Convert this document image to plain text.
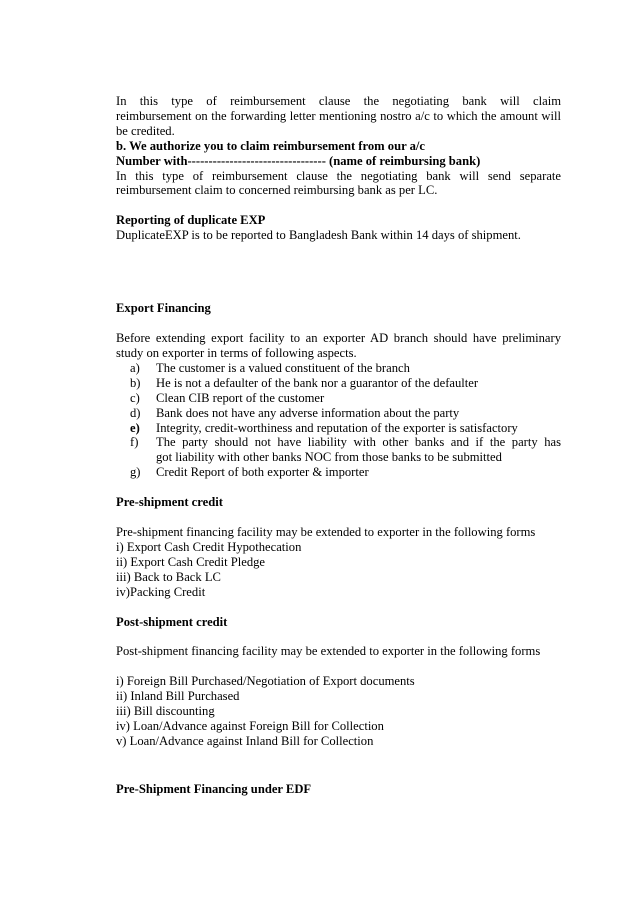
In this type of reimbursement clause the negotiating bank will claim

reimbursement on the forwarding letter mentioning nostro a/c to which the amount will

be credited.

b. We authorize you to claim reimbursement from our a/c

Number with--------------------------------- (name of reimbursing bank)

In this type of reimbursement clause the negotiating bank will send separate

reimbursement claim to concerned reimbursing bank as per LC.

Reporting of duplicate EXP

DuplicateEXP is to be reported to Bangladesh Bank within 14 days of shipment.

Export Financing

Before extending export facility to an exporter AD branch should have preliminary

study on exporter in terms of following aspects.

a)	The customer is a valued constituent of the branch
b)	He is not a defaulter of the bank nor a guarantor of the defaulter
c)	Clean CIB report of the customer
d)	Bank does not have any adverse information about the party
e)	Integrity, credit-worthiness and reputation of the exporter is satisfactory
f)	The party should not have liability with other banks and if the party has
got liability with other banks NOC from those banks to be submitted
g)	Credit Report of both exporter & importer

Pre-shipment credit

Pre-shipment financing facility may be extended to exporter in the following forms

i) Export Cash Credit Hypothecation

ii) Export Cash Credit Pledge

iii) Back to Back LC

iv)Packing Credit

Post-shipment credit

Post-shipment financing facility may be extended to exporter in the following forms

i) Foreign Bill Purchased/Negotiation of Export documents

ii) Inland Bill Purchased

iii) Bill discounting

iv) Loan/Advance against Foreign Bill for Collection

v) Loan/Advance against Inland Bill for Collection

Pre-Shipment Financing under EDF
